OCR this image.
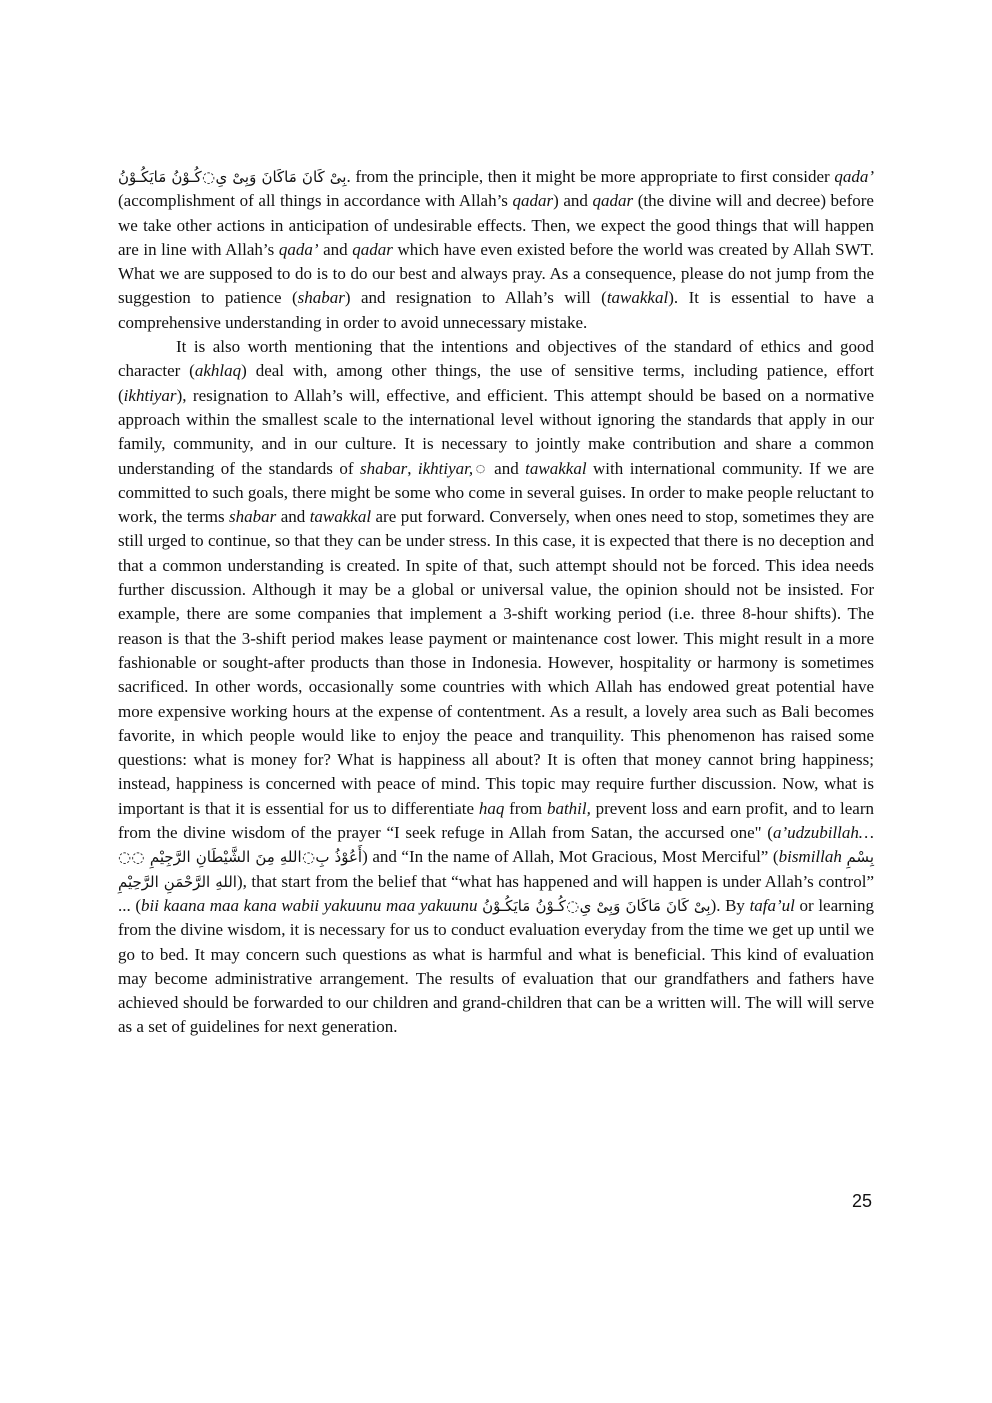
بِیْ كَانَ مَاكَانَ وَبِیْ یِ◌كُـوْنُ مَایَكُـوْنُ. from the principle, then it might be more appropriate to first consider qada’ (accomplishment of all things in accordance with Allah’s qadar) and qadar (the divine will and decree) before we take other actions in anticipation of undesirable effects. Then, we expect the good things that will happen are in line with Allah’s qada’ and qadar which have even existed before the world was created by Allah SWT. What we are supposed to do is to do our best and always pray. As a consequence, please do not jump from the suggestion to patience (shabar) and resignation to Allah’s will (tawakkal). It is essential to have a comprehensive understanding in order to avoid unnecessary mistake.

It is also worth mentioning that the intentions and objectives of the standard of ethics and good character (akhlaq) deal with, among other things, the use of sensitive terms, including patience, effort (ikhtiyar), resignation to Allah’s will, effective, and efficient. This attempt should be based on a normative approach within the smallest scale to the international level without ignoring the standards that apply in our family, community, and in our culture. It is necessary to jointly make contribution and share a common understanding of the standards of shabar, ikhtiyar,◌ and tawakkal with international community. If we are committed to such goals, there might be some who come in several guises. In order to make people reluctant to work, the terms shabar and tawakkal are put forward. Conversely, when ones need to stop, sometimes they are still urged to continue, so that they can be under stress. In this case, it is expected that there is no deception and that a common understanding is created. In spite of that, such attempt should not be forced. This idea needs further discussion. Although it may be a global or universal value, the opinion should not be insisted. For example, there are some companies that implement a 3-shift working period (i.e. three 8-hour shifts). The reason is that the 3-shift period makes lease payment or maintenance cost lower. This might result in a more fashionable or sought-after products than those in Indonesia. However, hospitality or harmony is sometimes sacrificed. In other words, occasionally some countries with which Allah has endowed great potential have more expensive working hours at the expense of contentment. As a result, a lovely area such as Bali becomes favorite, in which people would like to enjoy the peace and tranquility. This phenomenon has raised some questions: what is money for? What is happiness all about? It is often that money cannot bring happiness; instead, happiness is concerned with peace of mind. This topic may require further discussion. Now, what is important is that it is essential for us to differentiate haq from bathil, prevent loss and earn profit, and to learn from the divine wisdom of the prayer “I seek refuge in Allah from Satan, the accursed one" (a’udzubillah… أَعُوْذُ بِ◌اللهِ مِنَ الشَّيْطَانِ الرَّجِيْمِ ◌◌) and “In the name of Allah, Mot Gracious, Most Merciful” (bismillah بِسْمِ اللهِ الرَّحْمَنِ الرَّحِيْمِ), that start from the belief that “what has happened and will happen is under Allah’s control” ... (bii kaana maa kana wabii yakuunu maa yakuunu بِیْ كَانَ مَاكَانَ وَبِیْ یِ◌كُـوْنُ مَایَكُـوْنُ). By tafa’ul or learning from the divine wisdom, it is necessary for us to conduct evaluation everyday from the time we get up until we go to bed. It may concern such questions as what is harmful and what is beneficial. This kind of evaluation may become administrative arrangement. The results of evaluation that our grandfathers and fathers have achieved should be forwarded to our children and grand-children that can be a written will. The will will serve as a set of guidelines for next generation.

25
